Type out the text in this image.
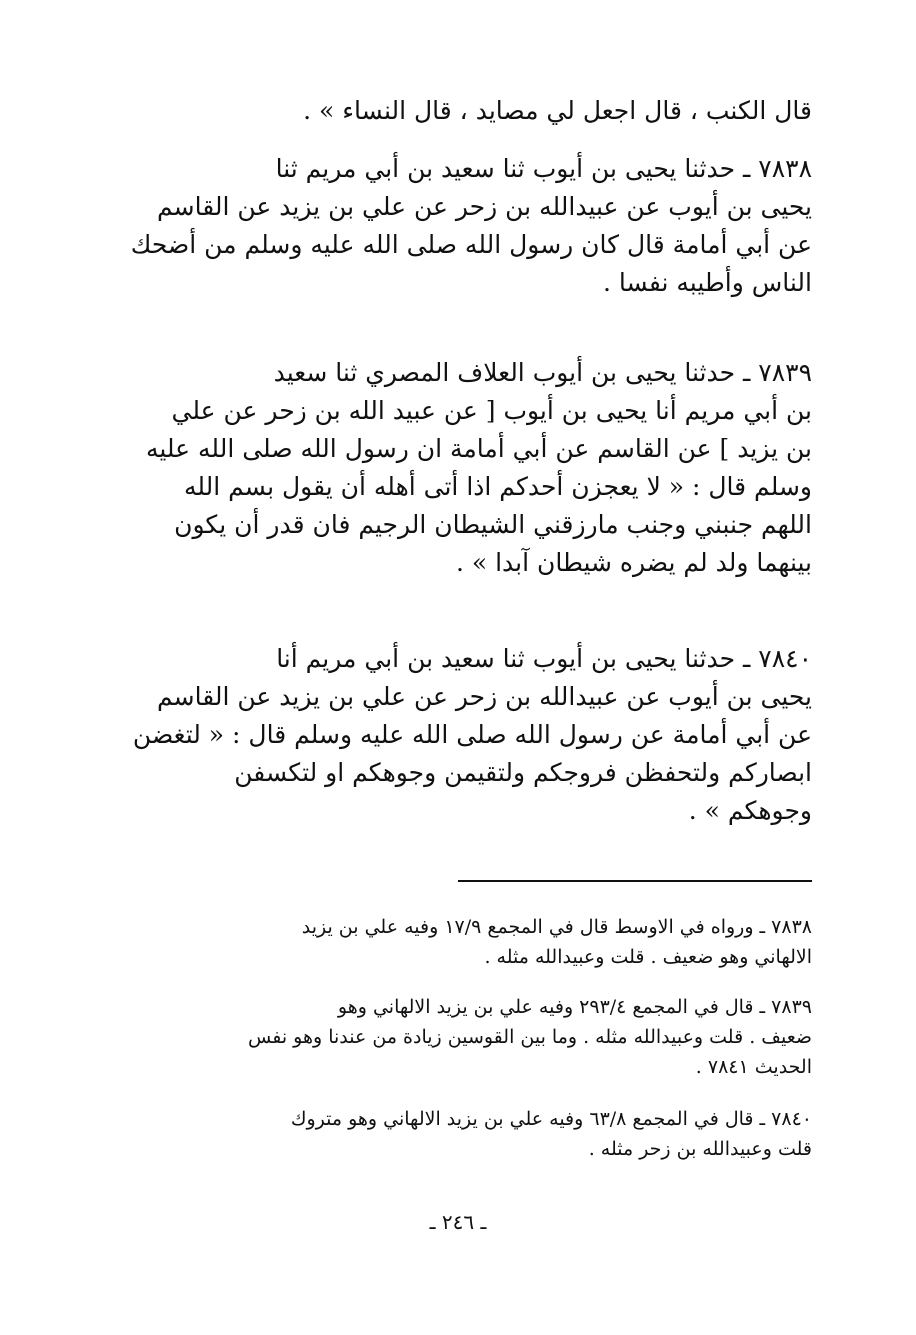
قال الكنب ، قال اجعل لي مصايد ، قال النساء » .
٧٨٣٨ ـ حدثنا يحيى بن أيوب ثنا سعيد بن أبي مريم ثنا
يحيى بن أيوب عن عبيدالله بن زحر عن علي بن يزيد عن القاسم
عن أبي أمامة قال كان رسول الله صلى الله عليه وسلم من أضحك
الناس وأطيبه نفسا .
٧٨٣٩ ـ حدثنا يحيى بن أيوب العلاف المصري ثنا سعيد
بن أبي مريم أنا يحيى بن أيوب [ عن عبيد الله بن زحر عن علي
بن يزيد ] عن القاسم عن أبي أمامة ان رسول الله صلى الله عليه
وسلم قال : « لا يعجزن أحدكم اذا أتى أهله أن يقول بسم الله
اللهم جنبني وجنب مارزقني الشيطان الرجيم فان قدر أن يكون
بينهما ولد لم يضره شيطان آبدا » .
٧٨٤٠ ـ حدثنا يحيى بن أيوب ثنا سعيد بن أبي مريم أنا
يحيى بن أيوب عن عبيدالله بن زحر عن علي بن يزيد عن القاسم
عن أبي أمامة عن رسول الله صلى الله عليه وسلم قال : « لتغضن
ابصاركم ولتحفظن فروجكم ولتقيمن وجوهكم او لتكسفن
وجوهكم » .
٧٨٣٨ ـ ورواه في الاوسط قال في المجمع ١٧/٩ وفيه علي بن يزيد
الالهاني وهو ضعيف . قلت وعبيدالله مثله .
٧٨٣٩ ـ قال في المجمع ٢٩٣/٤ وفيه علي بن يزيد الالهاني وهو
ضعيف . قلت وعبيدالله مثله . وما بين القوسين زيادة من عندنا وهو نفس
الحديث ٧٨٤١ .
٧٨٤٠ ـ قال في المجمع ٦٣/٨ وفيه علي بن يزيد الالهاني وهو متروك
قلت وعبيدالله بن زحر مثله .
ـ ٢٤٦ ـ
